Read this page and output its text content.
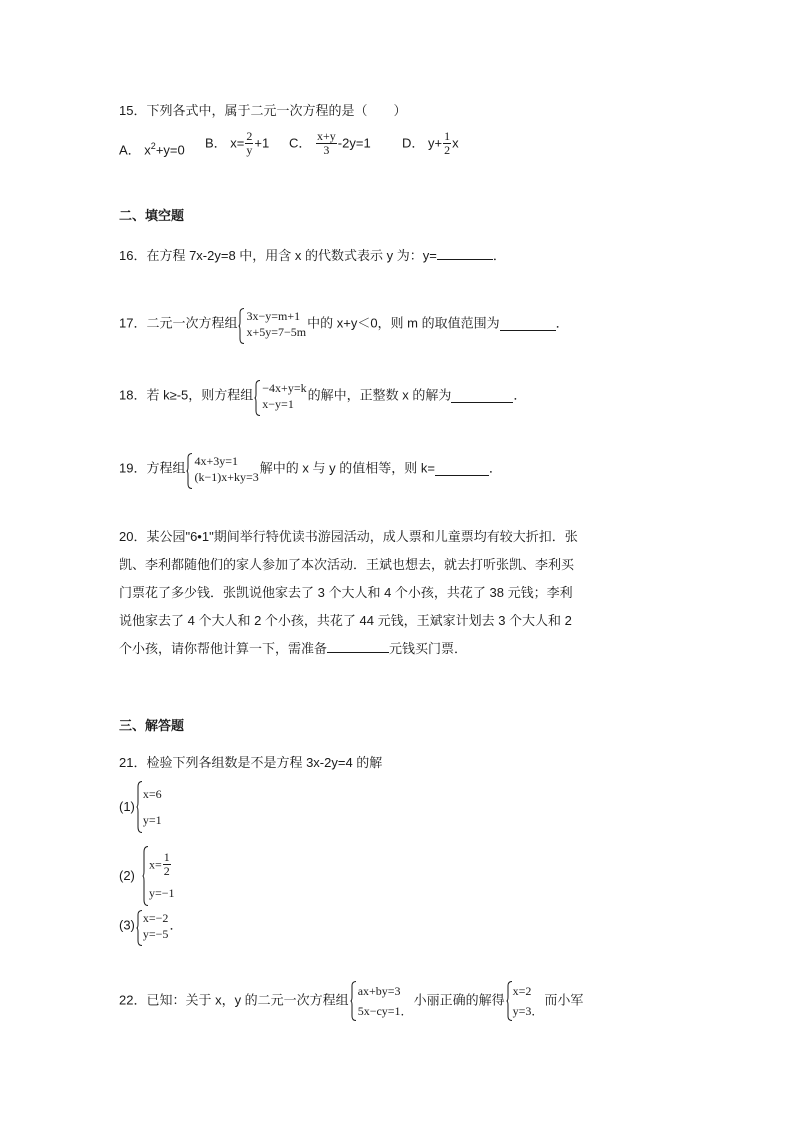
15．下列各式中，属于二元一次方程的是（　　）
A． $x^2+y=0$ B． $x= \frac{2}{y} +1$ C． $\frac{x+y}{3} -2y=1$ D． $y+ \frac{1}{2}$ x
二、填空题
16．在方程 7x-2y=8 中，用含 x 的代数式表示 y 为：y=	．
17．二元一次方程组 3x−y=m+1
x+5y=7−5m
中的 x+y＜0，则 m 的取值范围为	．
18．若 k≥-5，则方程组 −4x+y=k
x−y=1
的解中，正整数 x 的解为	．
19．方程组 4x+3y=1
(k−1)x+ky=3
解中的 x 与 y 的值相等，则 k=	．
20．某公园"6•1"期间举行特优读书游园活动，成人票和儿童票均有较大折扣．张
凯、李利都随他们的家人参加了本次活动．王斌也想去，就去打听张凯、李利买
门票花了多少钱．张凯说他家去了 3 个大人和 4 个小孩，共花了 38 元钱；李利
说他家去了 4 个大人和 2 个小孩，共花了 44 元钱，王斌家计划去 3 个大人和 2
个小孩，请你帮他计算一下，需准备	元钱买门票．
三、解答题
21．检验下列各组数是不是方程 3x-2y=4 的解
(1)
x=6
y=1
(2)
$x= \frac{1}{2}$
y=−1
(3) x=−2
y=−5
．
22．已知：关于 x，y 的二元一次方程组
ax+by=3
5x−cy=1．
小丽正确的解得
x=2
y=3．
而小军
